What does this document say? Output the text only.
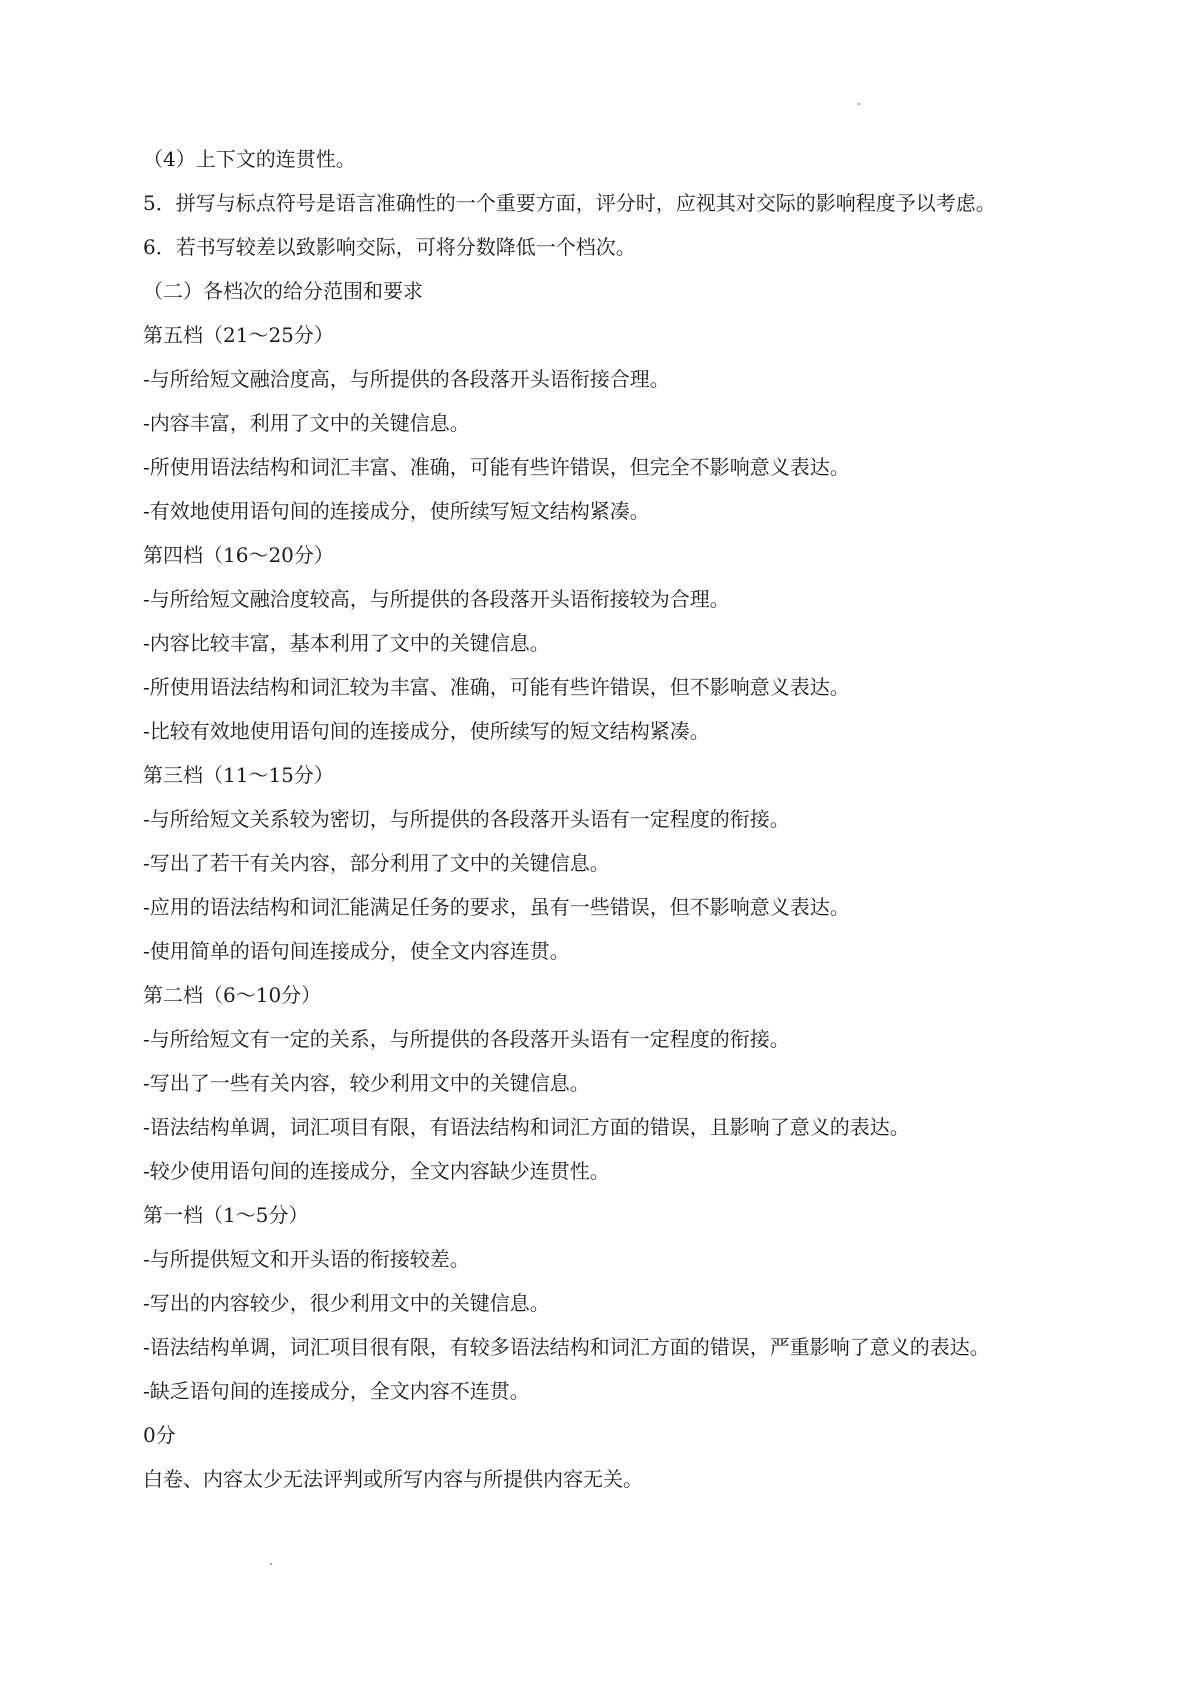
（4）上下文的连贯性。

5．拼写与标点符号是语言准确性的一个重要方面，评分时，应视其对交际的影响程度予以考虑。

6．若书写较差以致影响交际，可将分数降低一个档次。

（二）各档次的给分范围和要求

第五档（21～25分）

-与所给短文融洽度高，与所提供的各段落开头语衔接合理。

-内容丰富，利用了文中的关键信息。

-所使用语法结构和词汇丰富、准确，可能有些许错误，但完全不影响意义表达。

-有效地使用语句间的连接成分，使所续写短文结构紧凑。

第四档（16～20分）

-与所给短文融洽度较高，与所提供的各段落开头语衔接较为合理。

-内容比较丰富，基本利用了文中的关键信息。

-所使用语法结构和词汇较为丰富、准确，可能有些许错误，但不影响意义表达。

-比较有效地使用语句间的连接成分，使所续写的短文结构紧凑。

第三档（11～15分）

-与所给短文关系较为密切，与所提供的各段落开头语有一定程度的衔接。

-写出了若干有关内容，部分利用了文中的关键信息。

-应用的语法结构和词汇能满足任务的要求，虽有一些错误，但不影响意义表达。

-使用简单的语句间连接成分，使全文内容连贯。

第二档（6～10分）

-与所给短文有一定的关系，与所提供的各段落开头语有一定程度的衔接。

-写出了一些有关内容，较少利用文中的关键信息。

-语法结构单调，词汇项目有限，有语法结构和词汇方面的错误，且影响了意义的表达。

-较少使用语句间的连接成分，全文内容缺少连贯性。

第一档（1～5分）

-与所提供短文和开头语的衔接较差。

-写出的内容较少，很少利用文中的关键信息。

-语法结构单调，词汇项目很有限，有较多语法结构和词汇方面的错误，严重影响了意义的表达。

-缺乏语句间的连接成分，全文内容不连贯。

0分

白卷、内容太少无法评判或所写内容与所提供内容无关。
